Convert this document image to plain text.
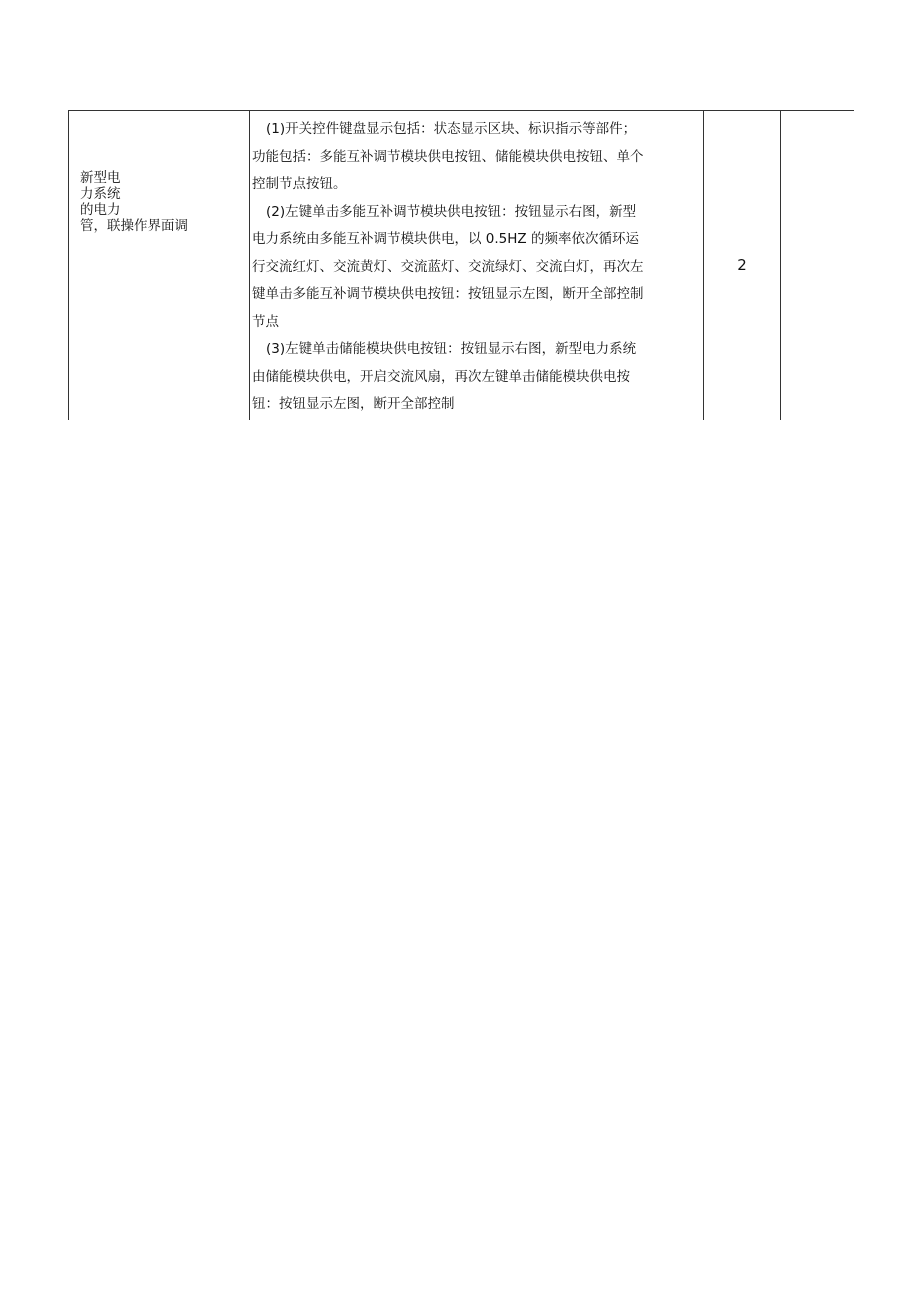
新型电
力系统
的电力
管，联操作界面调
(1)开关控件键盘显示包括：状态显示区块、标识指示等部件；
功能包括：多能互补调节模块供电按钮、储能模块供电按钮、单个
控制节点按钮。
(2)左键单击多能互补调节模块供电按钮：按钮显示右图，新型
电力系统由多能互补调节模块供电，以 0.5HZ 的频率依次循环运
行交流红灯、交流黄灯、交流蓝灯、交流绿灯、交流白灯，再次左
键单击多能互补调节模块供电按钮：按钮显示左图，断开全部控制
节点
(3)左键单击储能模块供电按钮：按钮显示右图，新型电力系统
由储能模块供电，开启交流风扇，再次左键单击储能模块供电按
钮：按钮显示左图，断开全部控制
2
